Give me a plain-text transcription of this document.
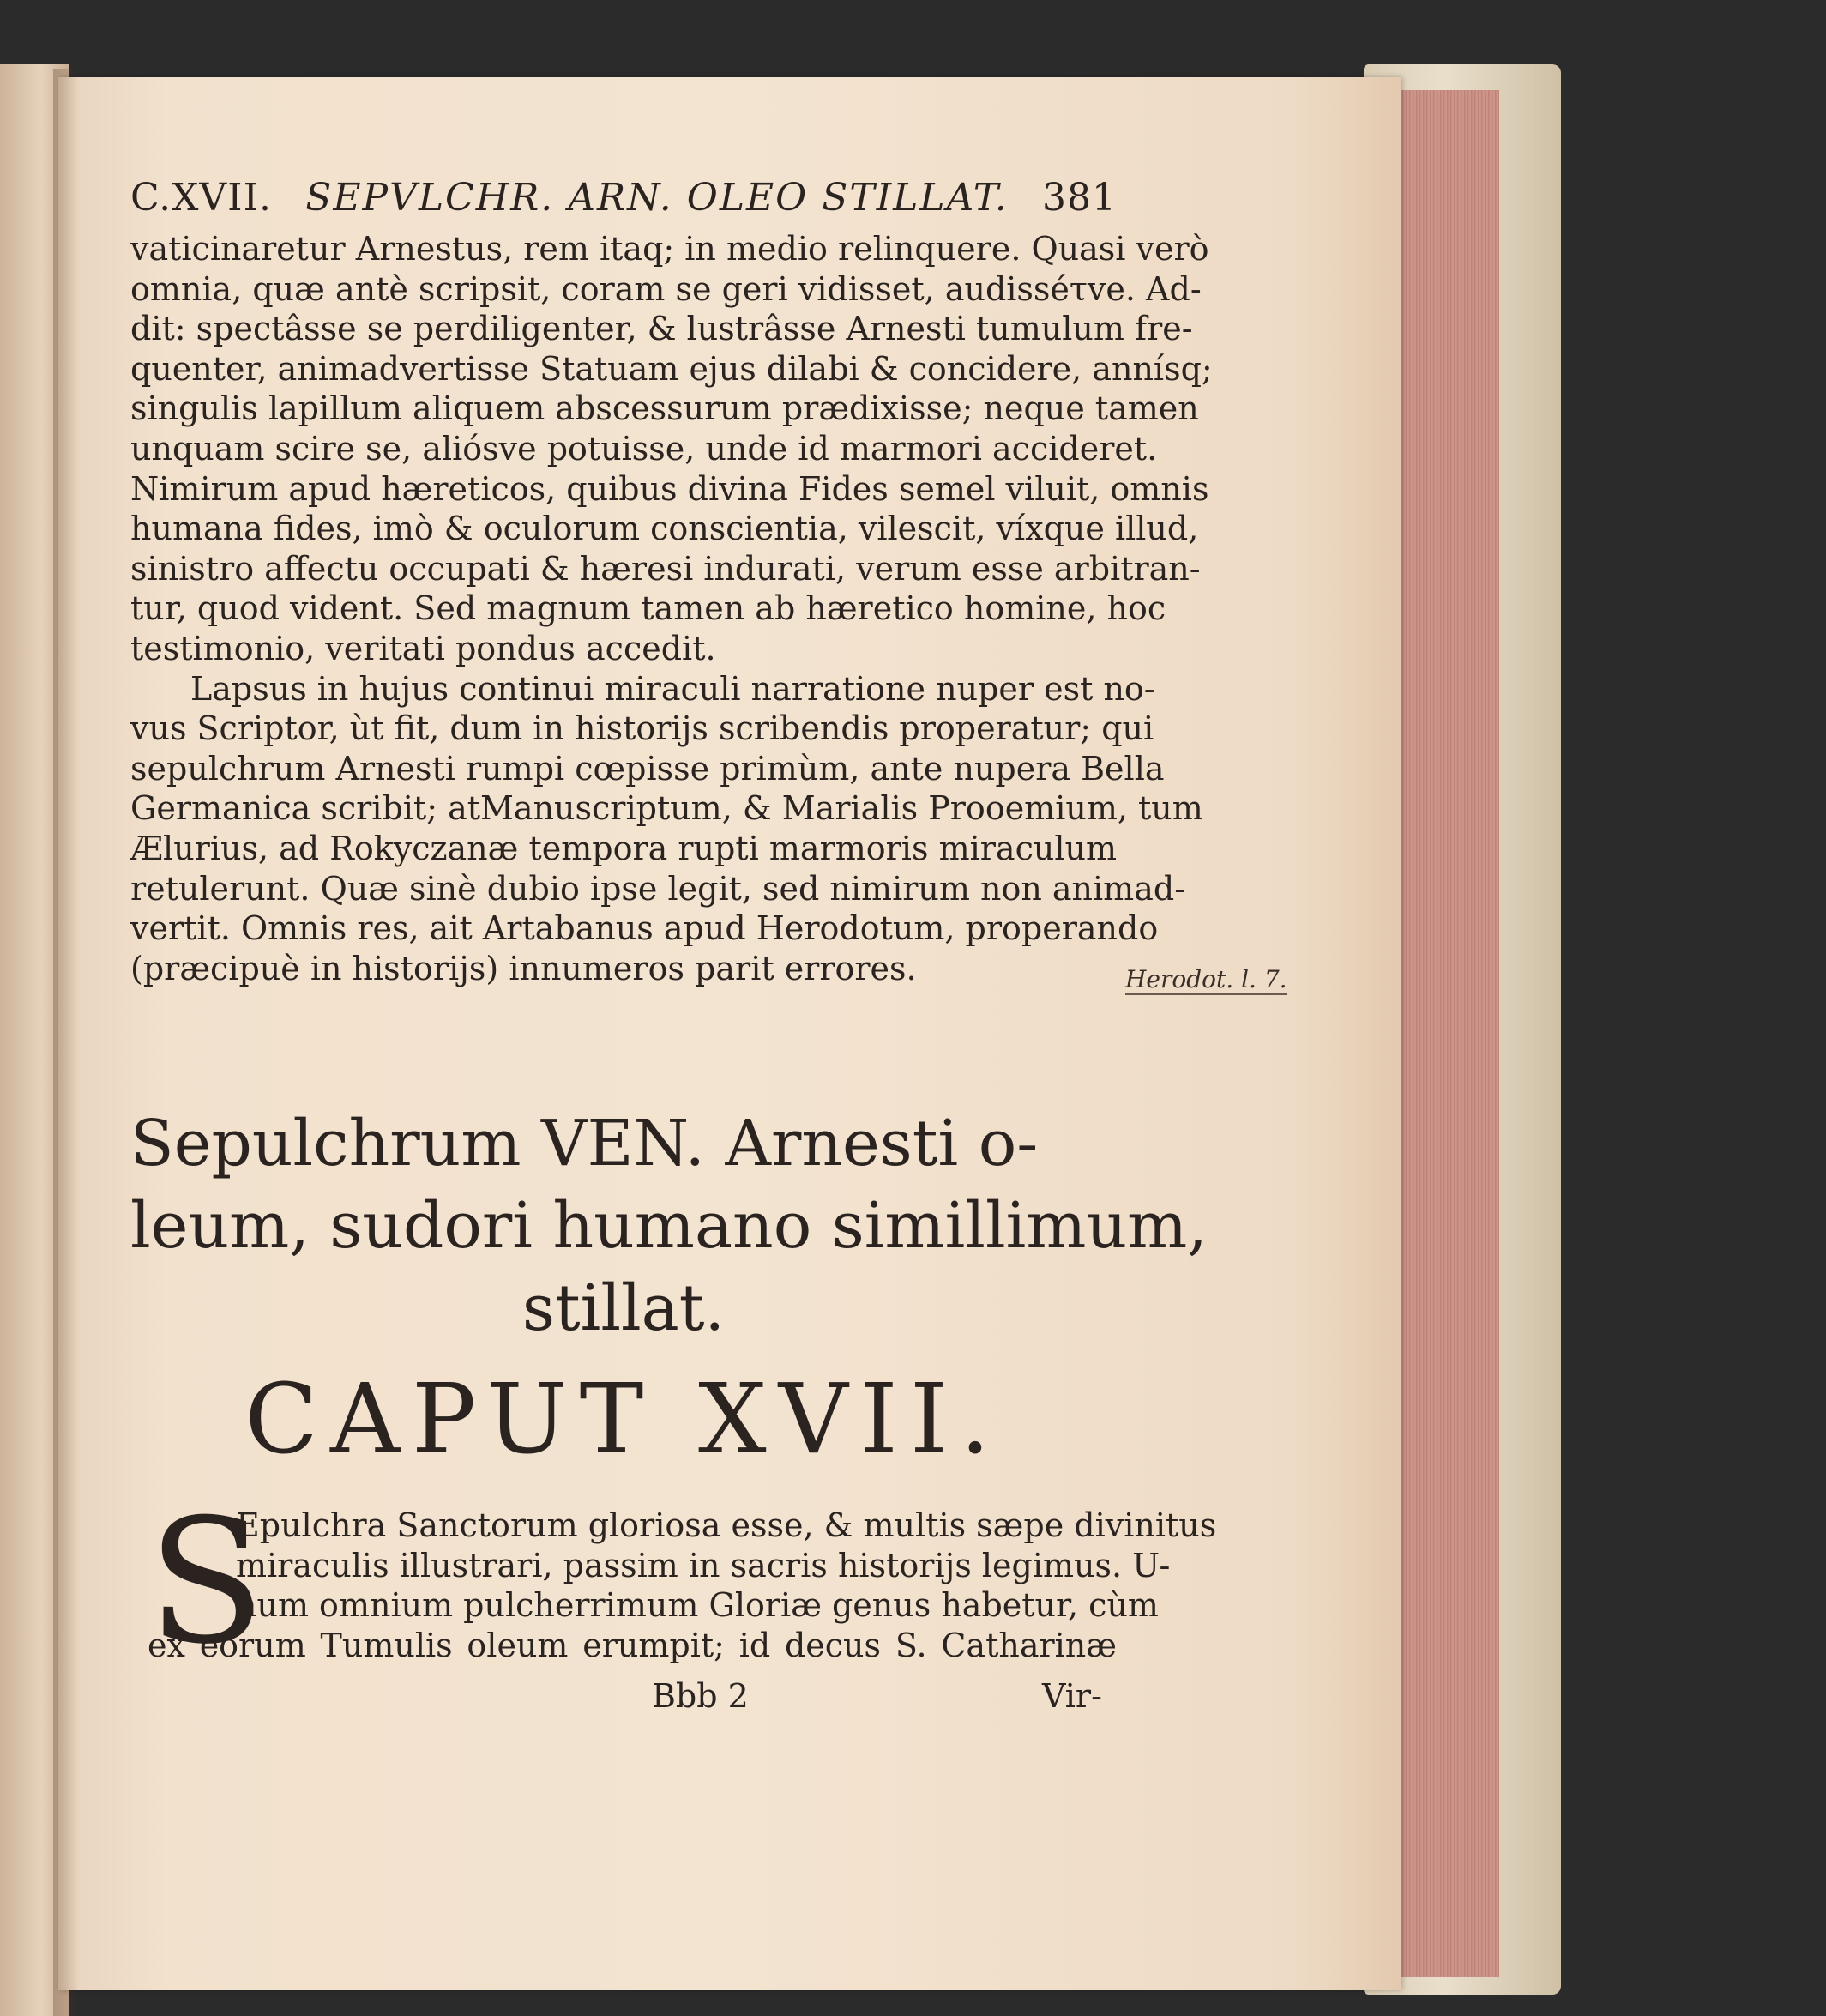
C.XVII. SEPVLCHR. ARN. OLEO STILLAT. 381
vaticinaretur Arnestus, rem itaq; in medio relinquere. Quasi verò
omnia, quæ antè scripsit, coram se geri vidisset, audisséτve. Ad-
dit: spectâsse se perdiligenter, & lustrâsse Arnesti tumulum fre-
quenter, animadvertisse Statuam ejus dilabi & concidere, annísq;
singulis lapillum aliquem abscessurum prædixisse; neque tamen
unquam scire se, aliósve potuisse, unde id marmori accideret.
Nimirum apud hæreticos, quibus divina Fides semel viluit, omnis
humana fides, imò & oculorum conscientia, vilescit, víxque illud,
sinistro affectu occupati & hæresi indurati, verum esse arbitran-
tur, quod vident. Sed magnum tamen ab hæretico homine, hoc
testimonio, veritati pondus accedit.
Lapsus in hujus continui miraculi narratione nuper est no-
vus Scriptor, ùt fit, dum in historijs scribendis properatur; qui
sepulchrum Arnesti rumpi cœpisse primùm, ante nupera Bella
Germanica scribit; atManuscriptum, & Marialis Prooemium, tum
Ælurius, ad Rokyczanæ tempora rupti marmoris miraculum
retulerunt. Quæ sinè dubio ipse legit, sed nimirum non animad-
vertit. Omnis res, ait Artabanus apud Herodotum, properando
(præcipuè in historijs) innumeros parit errores.	Herodot. l. 7.
Sepulchrum VEN. Arnesti o-
leum, sudori humano simillimum,
stillat.
CAPUT XVII.
S
Epulchra Sanctorum gloriosa esse, & multis sæpe divinitus
miraculis illustrari, passim in sacris historijs legimus. U-
num omnium pulcherrimum Gloriæ genus habetur, cùm
ex eorum Tumulis oleum erumpit; id decus S. Catharinæ
Bbb 2	Vir-
